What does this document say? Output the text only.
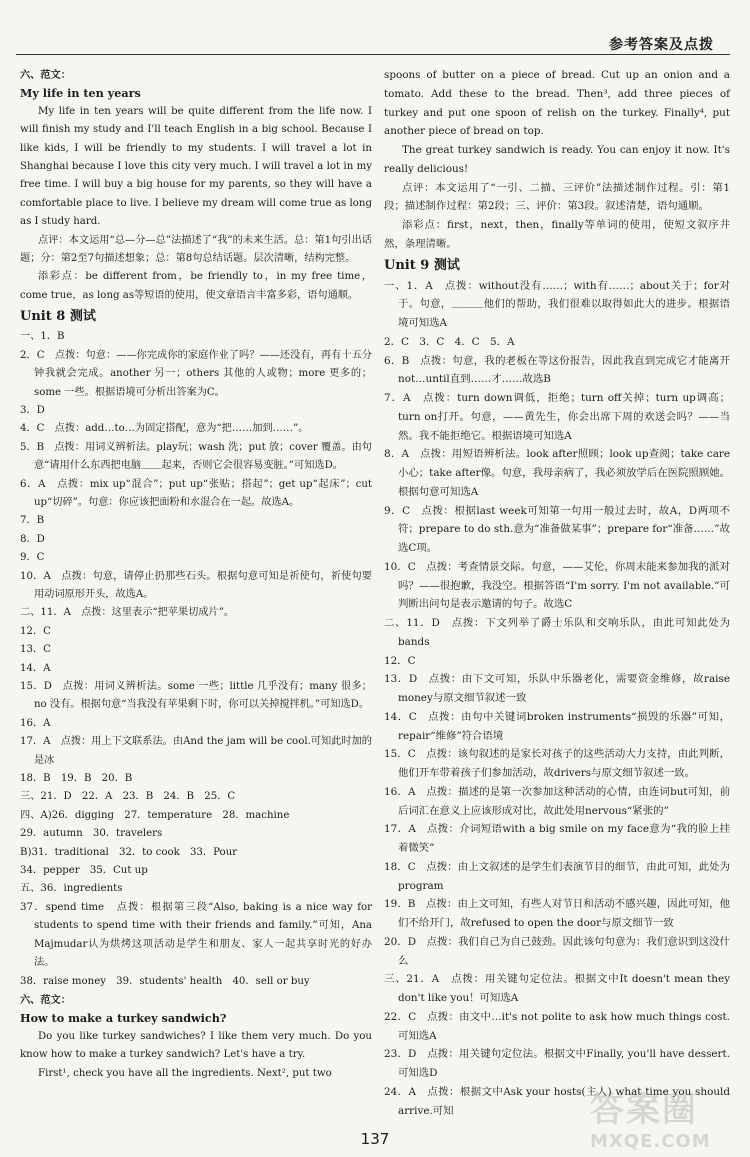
参考答案及点拨

六、范文：

My life in ten years

My life in ten years will be quite different from the life now. I will finish my study and I'll teach English in a big school. Because I like kids, I will be friendly to my students. I will travel a lot in Shanghai because I love this city very much. I will travel a lot in my free time. I will buy a big house for my parents, so they will have a comfortable place to live. I believe my dream will come true as long as I study hard.

点评：本文运用“总—分—总”法描述了“我”的未来生活。总：第1句引出话题；分：第2至7句描述想象；总：第8句总结话题。层次清晰，结构完整。

添彩点：be different from，be friendly to，in my free time，come true，as long as等短语的使用，使文章语言丰富多彩，语句通顺。

Unit 8 测试

一、1．B

2．C　点拨：句意：——你完成你的家庭作业了吗？——还没有，再有十五分钟我就会完成。another 另一；others 其他的人或物；more 更多的；some 一些。根据语境可分析出答案为C。

3．D

4．C　点拨：add…to…为固定搭配，意为“把……加到……”。

5．B　点拨：用词义辨析法。play玩；wash 洗；put 放；cover 覆盖。由句意“请用什么东西把电脑＿＿起来，否则它会很容易变脏。”可知选D。

6．A　点拨：mix up“混合”；put up“张贴；搭起”；get up“起床”；cut up“切碎”。句意：你应该把面粉和水混合在一起。故选A。

7．B

8．D

9．C

10．A　点拨：句意，请停止扔那些石头。根据句意可知是祈使句，祈使句要用动词原形开头，故选A。

二、11．A　点拨：这里表示“把苹果切成片”。

12．C

13．C

14．A

15．D　点拨：用词义辨析法。some 一些；little 几乎没有；many 很多；no 没有。根据句意“当我没有苹果剩下时，你可以关掉搅拌机。”可知选D。

16．A

17．A　点拨：用上下文联系法。由And the jam will be cool.可知此时加的是冰

18．B　19．B　20．B

三、21．D　22．A　23．B　24．B　25．C

四、A)26．digging　27．temperature　28．machine

29．autumn　30．travelers

B)31．traditional　32．to cook　33．Pour

34．pepper　35．Cut up

五、36．ingredients

37．spend time　点拨：根据第三段“Also, baking is a nice way for students to spend time with their friends and family.”可知，Ana Majmudar认为烘烤这项活动是学生和朋友、家人一起共享时光的好办法。

38．raise money　39．students' health　40．sell or buy

六、范文：

How to make a turkey sandwich?

Do you like turkey sandwiches? I like them very much. Do you know how to make a turkey sandwich? Let's have a try.

First¹, check you have all the ingredients. Next², put two

spoons of butter on a piece of bread. Cut up an onion and a tomato. Add these to the bread. Then³, add three pieces of turkey and put one spoon of relish on the turkey. Finally⁴, put another piece of bread on top.

The great turkey sandwich is ready. You can enjoy it now. It's really delicious!

点评：本文运用了“一引、二描、三评价”法描述制作过程。引：第1段；描述制作过程：第2段；三、评价：第3段。叙述清楚，语句通顺。

添彩点：first，next，then，finally等单词的使用，使短文叙序井然，条理清晰。

Unit 9 测试

一、1．A　点拨：without没有……；with有……；about关于；for对于。句意，＿＿＿他们的帮助，我们很难以取得如此大的进步。根据语境可知选A

2．C　3．C　4．C　5．A

6．B　点拨：句意，我的老板在等这份报告，因此我直到完成它才能离开　not…until直到……才……故选B

7．A　点拨：turn down调低，拒绝；turn off关掉；turn up调高；turn on打开。句意，——黄先生，你会出席下周的欢送会吗？——当然。我不能拒绝它。根据语境可知选A

8．A　点拨：用短语辨析法。look after照顾；look up查阅；take care小心；take after像。句意，我母亲病了，我必须放学后在医院照顾她。根据句意可知选A

9．C　点拨：根据last week可知第一句用一般过去时，故A，D两项不符；prepare to do sth.意为“准备做某事”；prepare for“准备……”故选C项。

10．C　点拨：考查情景交际。句意，——艾伦，你周末能来参加我的派对吗？——很抱歉，我没空。根据答语“I'm sorry. I'm not available.”可判断出问句是表示邀请的句子。故选C

二、11．D　点拨：下文列举了爵士乐队和交响乐队，由此可知此处为bands

12．C

13．D　点拨：由下文可知，乐队中乐器老化，需要资金维修，故raise money与原文细节叙述一致

14．C　点拨：由句中关键词broken instruments“损毁的乐器”可知，repair“维修”符合语境

15．C　点拨：该句叙述的是家长对孩子的这些活动大力支持，由此判断，他们开车带着孩子们参加活动，故drivers与原文细节叙述一致。

16．A　点拨：描述的是第一次参加这种活动的心情，由连词but可知，前后词汇在意义上应该形成对比，故此处用nervous“紧张的”

17．A　点拨：介词短语with a big smile on my face意为“我的脸上挂着微笑”

18．C　点拨：由上文叙述的是学生们表演节目的细节，由此可知，此处为program

19．B　点拨：由上文可知，有些人对节日和活动不感兴趣，因此可知，他们不给开门，故refused to open the door与原文细节一致

20．D　点拨：我们自己为自己鼓劲。因此该句句意为：我们意识到这没什么

三、21．A　点拨：用关键句定位法。根据文中It doesn't mean they don't like you！可知选A

22．C　点拨：由文中…it's not polite to ask how much things cost.可知选A

23．D　点拨：用关键句定位法。根据文中Finally, you'll have dessert.可知选D

24．A　点拨：根据文中Ask your hosts(主人) what time you should arrive.可知	答案圈
MXQE.COM
137
